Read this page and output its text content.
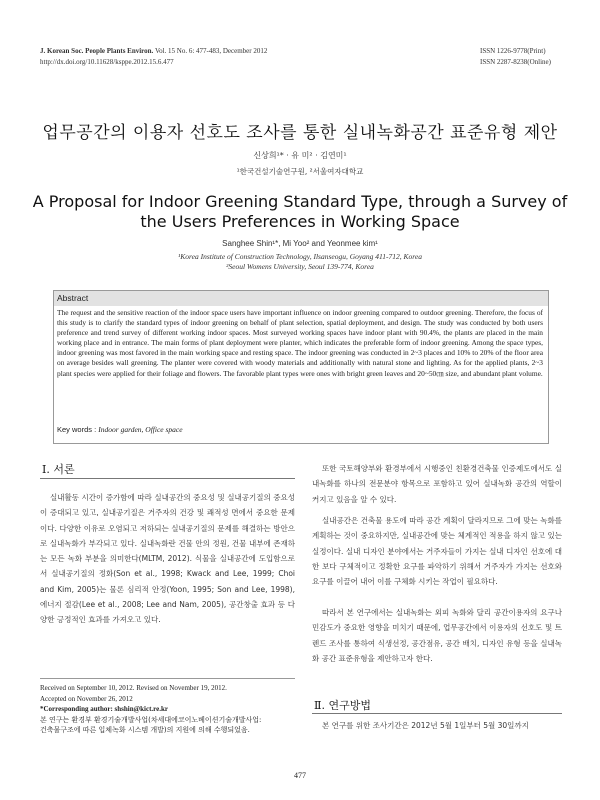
J. Korean Soc. People Plants Environ. Vol. 15 No. 6: 477-483, December 2012
http://dx.doi.org/10.11628/ksppe.2012.15.6.477
ISSN 1226-9778(Print)
ISSN 2287-8238(Online)
업무공간의 이용자 선호도 조사를 통한 실내녹화공간 표준유형 제안
신상희¹* · 유 미² · 김연미¹
¹한국건설기술연구원, ²서울여자대학교
A Proposal for Indoor Greening Standard Type, through a Survey of
the Users Preferences in Working Space
Sanghee Shin¹*, Mi Yoo² and Yeonmee kim¹
¹Korea Institute of Construction Technology, Ilsanseogu, Goyang 411-712, Korea
²Seoul Womens University, Seoul 139-774, Korea
Abstract
The request and the sensitive reaction of the indoor space users have important influence on indoor greening compared to outdoor greening. Therefore, the focus of this study is to clarify the standard types of indoor greening on behalf of plant selection, spatial deployment, and design. The study was conducted by both users preference and trend survey of different working indoor spaces. Most surveyed working spaces have indoor plant with 90.4%, the plants are placed in the main working place and in entrance. The main forms of plant deployment were planter, which indicates the preferable form of indoor greening. Among the space types, indoor greening was most favored in the main working space and resting space. The indoor greening was conducted in 2~3 places and 10% to 20% of the floor area on average besides wall greening. The planter were covered with woody materials and additionally with natural stone and lighting. As for the applied plants, 2~3 plant species were applied for their foliage and flowers. The favorable plant types were ones with bright green leaves and 20~50㎝ size, and abundant plant volume.
Key words : Indoor garden, Office space
Ⅰ. 서론
실내활동 시간이 증가함에 따라 실내공간의 중요성 및 실내공기질의 중요성이 증대되고 있고, 실내공기질은 거주자의 건강 및 쾌적성 면에서 중요한 문제이다. 다양한 이유로 오염되고 저하되는 실내공기질의 문제를 해결하는 방안으로 실내녹화가 부각되고 있다. 실내녹화란 건물 안의 정원, 건물 내부에 존재하는 모든 녹화 부분을 의미한다(MLTM, 2012). 식물을 실내공간에 도입함으로서 실내공기질의 정화(Son et al., 1998; Kwack and Lee, 1999; Choi and Kim, 2005)는 물론 심리적 안정(Yoon, 1995; Son and Lee, 1998), 에너지 절감(Lee et al., 2008; Lee and Nam, 2005), 공간창출 효과 등 다양한 긍정적인 효과를 가져오고 있다.
Received on September 10, 2012. Revised on November 19, 2012.
Accepted on November 26, 2012
*Corresponding author: shshin@kict.re.kr
본 연구는 환경부 환경기술개발사업(차세대에코이노베이션기술개발사업:
건축물구조에 따른 입체녹화 시스템 개발)의 지원에 의해 수행되었음.
또한 국토해양부와 환경부에서 시행중인 친환경건축물 인증제도에서도 실내녹화를 하나의 전문분야 항목으로 포함하고 있어 실내녹화 공간의 역할이 커지고 있음을 알 수 있다.
실내공간은 건축물 용도에 따라 공간 계획이 달라지므로 그에 맞는 녹화를 계획하는 것이 중요하지만, 실내공간에 맞는 체계적인 적용을 하지 않고 있는 실정이다. 실내 디자인 분야에서는 거주자들이 가지는 실내 디자인 선호에 대한 보다 구체적이고 정확한 요구를 파악하기 위해서 거주자가 가지는 선호와 요구를 이끌어 내어 이를 구체화 시키는 작업이 필요하다.
따라서 본 연구에서는 실내녹화는 외피 녹화와 달리 공간이용자의 요구나 민감도가 중요한 영향을 미치기 때문에, 업무공간에서 이용자의 선호도 및 트렌드 조사를 통하여 식생선정, 공간점유, 공간 배치, 디자인 유형 등을 실내녹화 공간 표준유형을 제안하고자 한다.
Ⅱ. 연구방법
본 연구를 위한 조사기간은 2012년 5월 1일부터 5월 30일까지
477
